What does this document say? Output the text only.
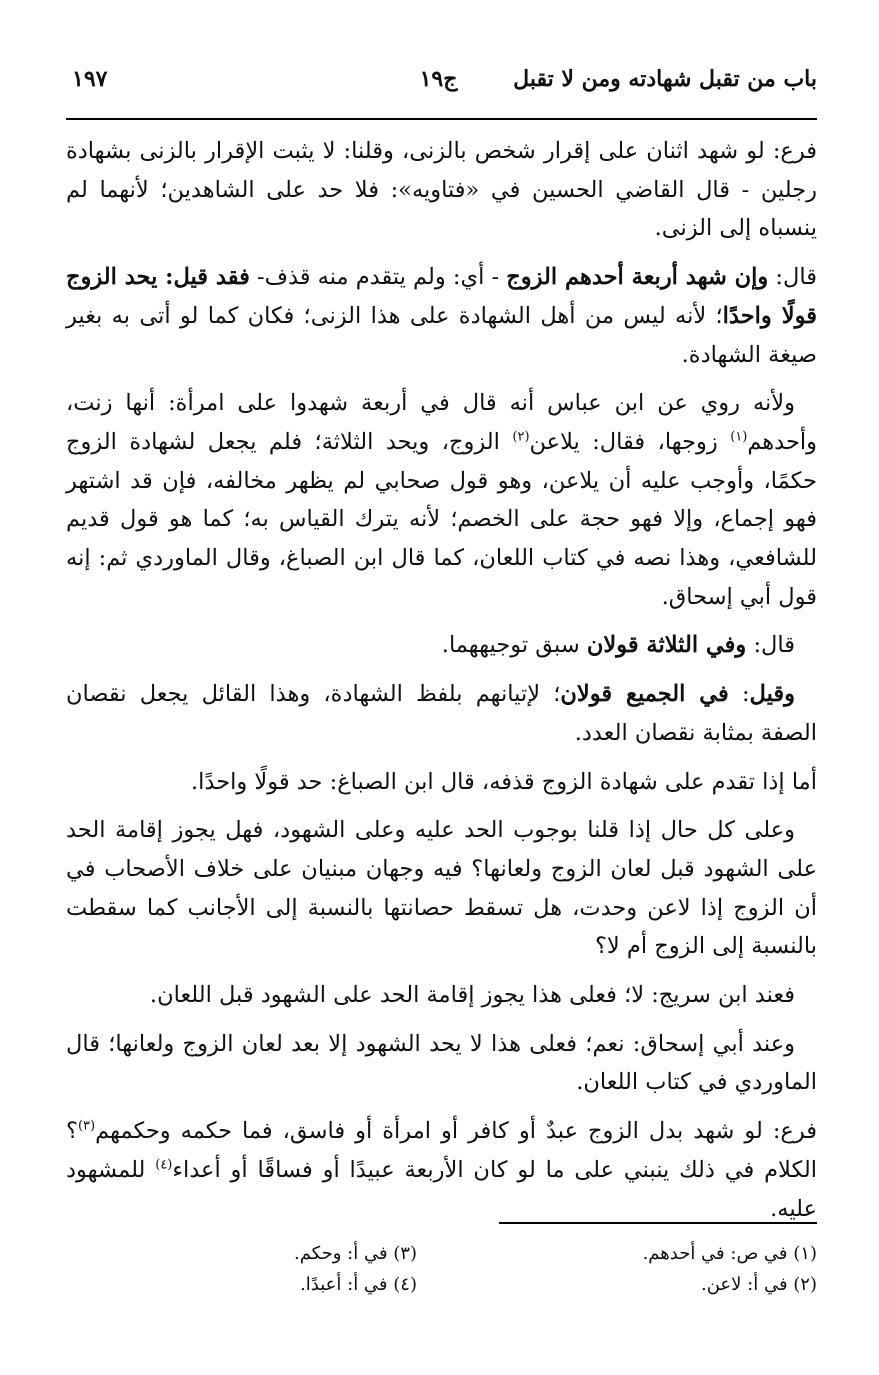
باب من تقبل شهادته ومن لا تقبل
ج١٩
١٩٧

فرع: لو شهد اثنان على إقرار شخص بالزنى، وقلنا: لا يثبت الإقرار بالزنى بشهادة رجلين - قال القاضي الحسين في «فتاويه»: فلا حد على الشاهدين؛ لأنهما لم ينسباه إلى الزنى.

قال: وإن شهد أربعة أحدهم الزوج - أي: ولم يتقدم منه قذف- فقد قيل: يحد الزوج قولًا واحدًا؛ لأنه ليس من أهل الشهادة على هذا الزنى؛ فكان كما لو أتى به بغير صيغة الشهادة.

ولأنه روي عن ابن عباس أنه قال في أربعة شهدوا على امرأة: أنها زنت، وأحدهم$^{(١)}$ زوجها، فقال: يلاعن$^{(٢)}$ الزوج، ويحد الثلاثة؛ فلم يجعل لشهادة الزوج حكمًا، وأوجب عليه أن يلاعن، وهو قول صحابي لم يظهر مخالفه، فإن قد اشتهر فهو إجماع، وإلا فهو حجة على الخصم؛ لأنه يترك القياس به؛ كما هو قول قديم للشافعي، وهذا نصه في كتاب اللعان، كما قال ابن الصباغ، وقال الماوردي ثم: إنه قول أبي إسحاق.

قال: وفي الثلاثة قولان سبق توجيههما.

وقيل: في الجميع قولان؛ لإتيانهم بلفظ الشهادة، وهذا القائل يجعل نقصان الصفة بمثابة نقصان العدد.

أما إذا تقدم على شهادة الزوج قذفه، قال ابن الصباغ: حد قولًا واحدًا.

وعلى كل حال إذا قلنا بوجوب الحد عليه وعلى الشهود، فهل يجوز إقامة الحد على الشهود قبل لعان الزوج ولعانها؟ فيه وجهان مبنيان على خلاف الأصحاب في أن الزوج إذا لاعن وحدت، هل تسقط حصانتها بالنسبة إلى الأجانب كما سقطت بالنسبة إلى الزوج أم لا؟

فعند ابن سريج: لا؛ فعلى هذا يجوز إقامة الحد على الشهود قبل اللعان.

وعند أبي إسحاق: نعم؛ فعلى هذا لا يحد الشهود إلا بعد لعان الزوج ولعانها؛ قال الماوردي في كتاب اللعان.

فرع: لو شهد بدل الزوج عبدٌ أو كافر أو امرأة أو فاسق، فما حكمه وحكمهم$^{(٣)}$؟ الكلام في ذلك ينبني على ما لو كان الأربعة عبيدًا أو فساقًا أو أعداء$^{(٤)}$ للمشهود عليه.

(١) في ص: في أحدهم.
(٢) في أ: لاعن.
(٣) في أ: وحكم.
(٤) في أ: أعبدًا.
